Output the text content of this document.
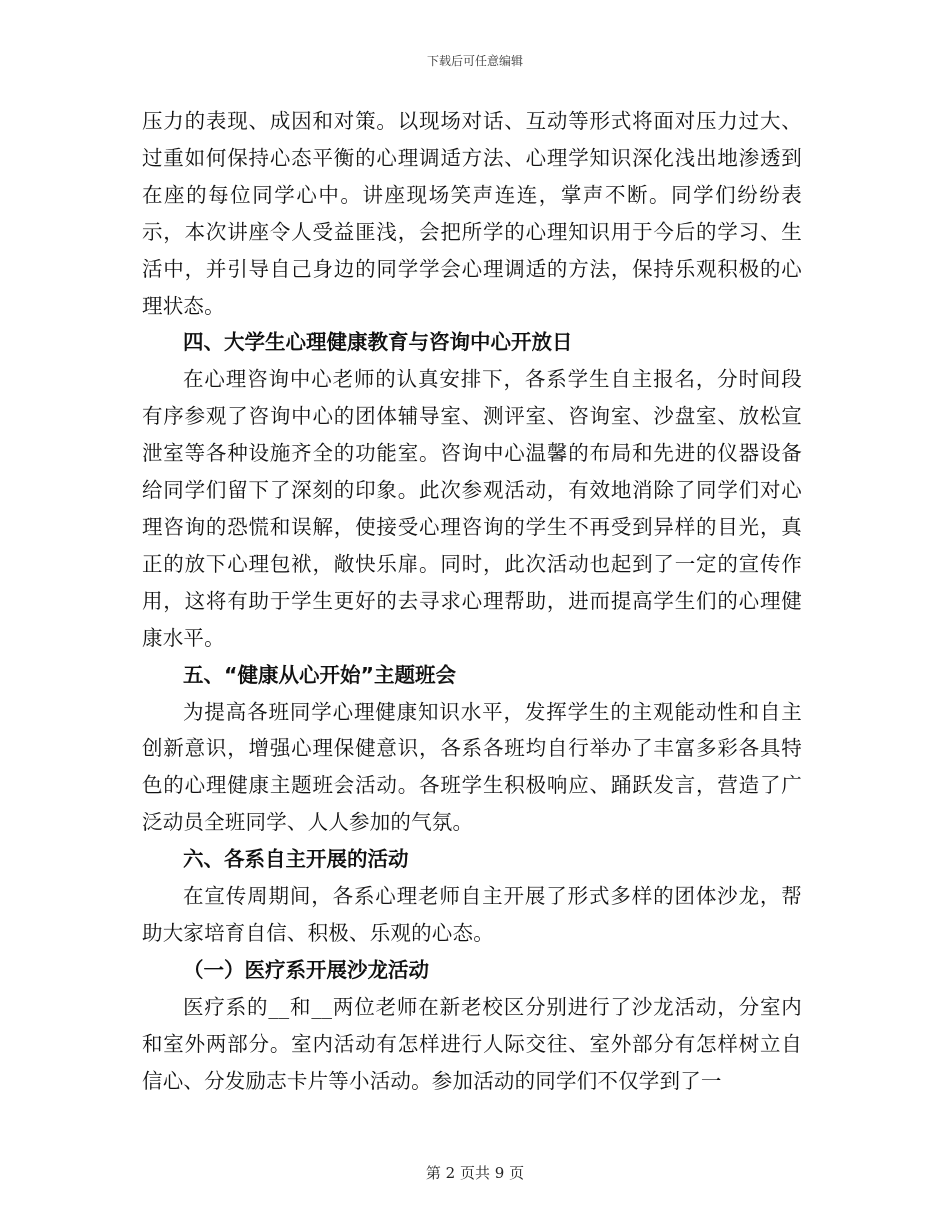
下载后可任意编辑

压力的表现、成因和对策。以现场对话、互动等形式将面对压力过大、过重如何保持心态平衡的心理调适方法、心理学知识深化浅出地渗透到在座的每位同学心中。讲座现场笑声连连，掌声不断。同学们纷纷表示，本次讲座令人受益匪浅，会把所学的心理知识用于今后的学习、生活中，并引导自己身边的同学学会心理调适的方法，保持乐观积极的心理状态。

四、大学生心理健康教育与咨询中心开放日

在心理咨询中心老师的认真安排下，各系学生自主报名，分时间段有序参观了咨询中心的团体辅导室、测评室、咨询室、沙盘室、放松宣泄室等各种设施齐全的功能室。咨询中心温馨的布局和先进的仪器设备给同学们留下了深刻的印象。此次参观活动，有效地消除了同学们对心理咨询的恐慌和误解，使接受心理咨询的学生不再受到异样的目光，真正的放下心理包袱，敞快乐扉。同时，此次活动也起到了一定的宣传作用，这将有助于学生更好的去寻求心理帮助，进而提高学生们的心理健康水平。

五、“健康从心开始”主题班会

为提高各班同学心理健康知识水平，发挥学生的主观能动性和自主创新意识，增强心理保健意识，各系各班均自行举办了丰富多彩各具特色的心理健康主题班会活动。各班学生积极响应、踊跃发言，营造了广泛动员全班同学、人人参加的气氛。

六、各系自主开展的活动

在宣传周期间，各系心理老师自主开展了形式多样的团体沙龙，帮助大家培育自信、积极、乐观的心态。

（一）医疗系开展沙龙活动

医疗系的__和__两位老师在新老校区分别进行了沙龙活动，分室内和室外两部分。室内活动有怎样进行人际交往、室外部分有怎样树立自信心、分发励志卡片等小活动。参加活动的同学们不仅学到了一

第 2 页共 9 页
